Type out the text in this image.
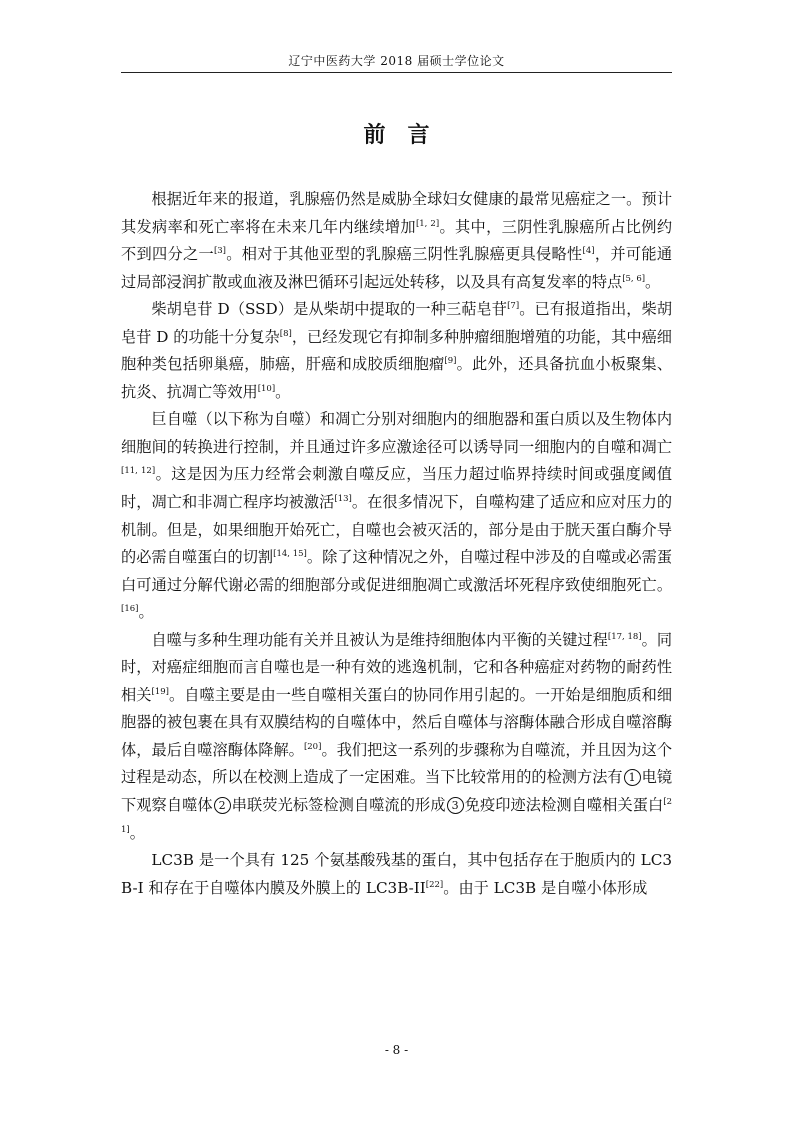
辽宁中医药大学 2018 届硕士学位论文
前言

根据近年来的报道，乳腺癌仍然是威胁全球妇女健康的最常见癌症之一。预计其发病率和死亡率将在未来几年内继续增加[1, 2]。其中，三阴性乳腺癌所占比例约不到四分之一[3]。相对于其他亚型的乳腺癌三阴性乳腺癌更具侵略性[4]，并可能通过局部浸润扩散或血液及淋巴循环引起远处转移，以及具有高复发率的特点[5, 6]。

柴胡皂苷 D（SSD）是从柴胡中提取的一种三萜皂苷[7]。已有报道指出，柴胡皂苷 D 的功能十分复杂[8]，已经发现它有抑制多种肿瘤细胞增殖的功能，其中癌细胞种类包括卵巢癌，肺癌，肝癌和成胶质细胞瘤[9]。此外，还具备抗血小板聚集、抗炎、抗凋亡等效用[10]。

巨自噬（以下称为自噬）和凋亡分别对细胞内的细胞器和蛋白质以及生物体内细胞间的转换进行控制，并且通过许多应激途径可以诱导同一细胞内的自噬和凋亡[11, 12]。这是因为压力经常会刺激自噬反应，当压力超过临界持续时间或强度阈值时，凋亡和非凋亡程序均被激活[13]。在很多情况下，自噬构建了适应和应对压力的机制。但是，如果细胞开始死亡，自噬也会被灭活的，部分是由于胱天蛋白酶介导的必需自噬蛋白的切割[14, 15]。除了这种情况之外，自噬过程中涉及的自噬或必需蛋白可通过分解代谢必需的细胞部分或促进细胞凋亡或激活坏死程序致使细胞死亡。[16]。

自噬与多种生理功能有关并且被认为是维持细胞体内平衡的关键过程[17, 18]。同时，对癌症细胞而言自噬也是一种有效的逃逸机制，它和各种癌症对药物的耐药性相关[19]。自噬主要是由一些自噬相关蛋白的协同作用引起的。一开始是细胞质和细胞器的被包裹在具有双膜结构的自噬体中，然后自噬体与溶酶体融合形成自噬溶酶体，最后自噬溶酶体降解。[20]。我们把这一系列的步骤称为自噬流，并且因为这个过程是动态，所以在校测上造成了一定困难。当下比较常用的的检测方法有 1 电镜下观察自噬体 2 串联荧光标签检测自噬流的形成 3 免疫印迹法检测自噬相关蛋白[21]。

LC3B 是一个具有 125 个氨基酸残基的蛋白，其中包括存在于胞质内的 LC3B-I 和存在于自噬体内膜及外膜上的 LC3B-II[22]。由于 LC3B 是自噬小体形成

- 8 -
